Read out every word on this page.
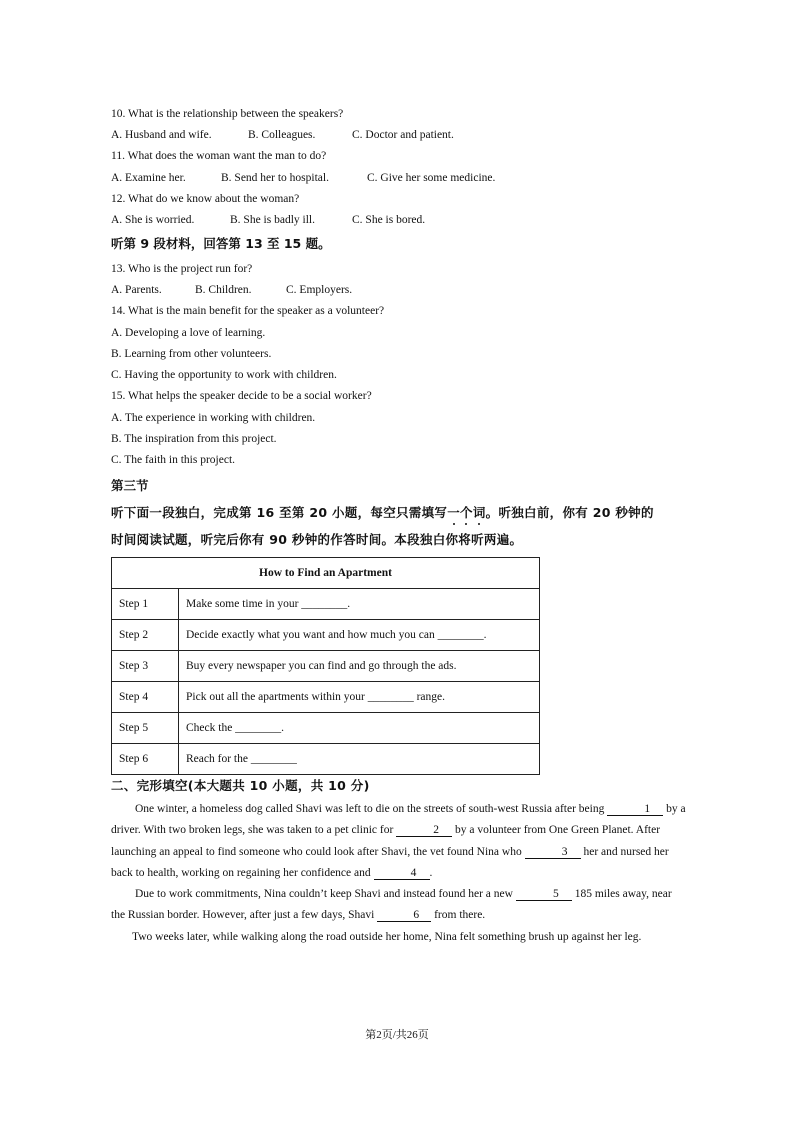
10. What is the relationship between the speakers?
A. Husband and wife.	B. Colleagues.	C. Doctor and patient.
11. What does the woman want the man to do?
A. Examine her.	B. Send her to hospital.	C. Give her some medicine.
12. What do we know about the woman?
A. She is worried.	B. She is badly ill.	C. She is bored.
听第 9 段材料，回答第 13 至 15 题。
13. Who is the project run for?
A. Parents.	B. Children.	C. Employers.
14. What is the main benefit for the speaker as a volunteer?
A. Developing a love of learning.
B. Learning from other volunteers.
C. Having the opportunity to work with children.
15. What helps the speaker decide to be a social worker?
A. The experience in working with children.
B. The inspiration from this project.
C. The faith in this project.
第三节
听下面一段独白，完成第 16 至第 20 小题，每空只需填写一个词。听独白前，你有 20 秒钟的
时间阅读试题，听完后你有 90 秒钟的作答时间。本段独白你将听两遍。
How to Find an Apartment	
Step 1	Make some time in your ________.
Step 2	Decide exactly what you want and how much you can ________.
Step 3	Buy every newspaper you can find and go through the ads.
Step 4	Pick out all the apartments within your ________ range.
Step 5	Check the ________.
Step 6	Reach for the ________
二、完形填空(本大题共 10 小题，共 10 分)

One winter, a homeless dog called Shavi was left to die on the streets of south-west Russia after being	1 by a driver. With two broken legs, she was taken to a pet clinic for	2 by a volunteer from One Green Planet. After launching an appeal to find someone who could look after Shavi, the vet found Nina who	3 her and nursed her back to health, working on regaining her confidence and	4 .

Due to work commitments, Nina couldn’t keep Shavi and instead found her a new	5 185 miles away, near the Russian border. However, after just a few days, Shavi	6 from there.

Two weeks later, while walking along the road outside her home, Nina felt something brush up against her leg.

第2页/共26页
